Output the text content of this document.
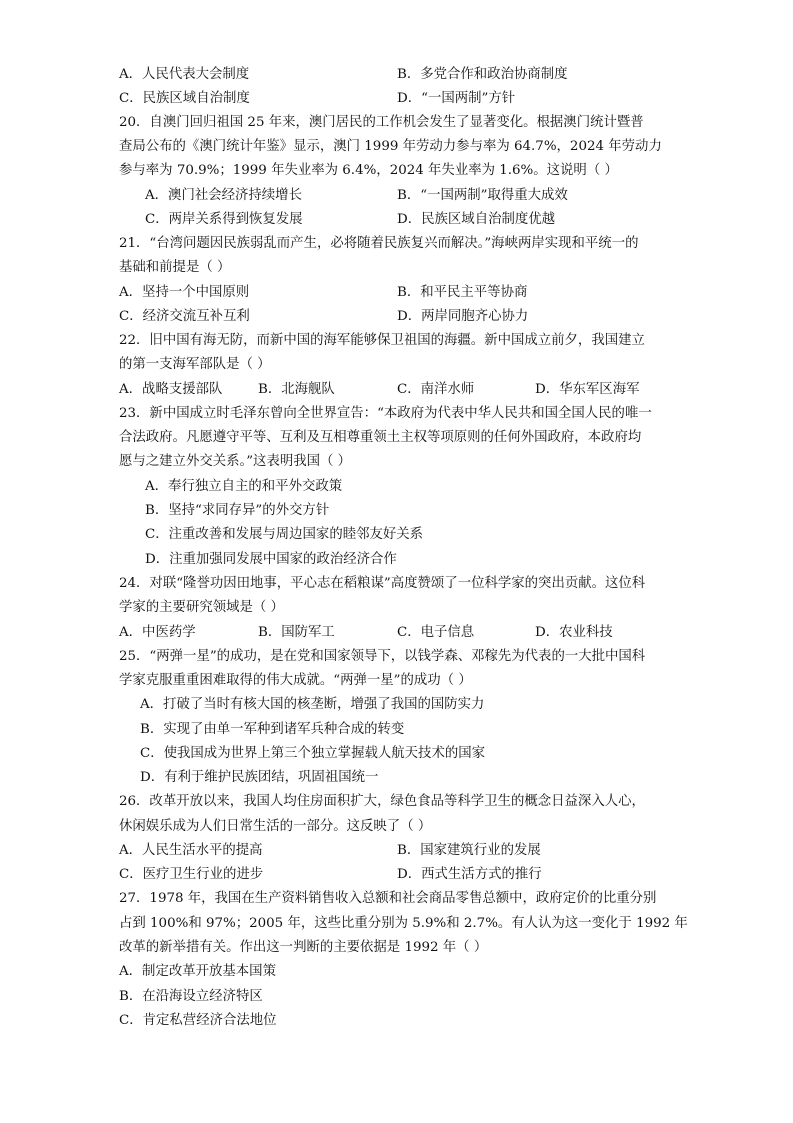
A．人民代表大会制度	B．多党合作和政治协商制度
C．民族区域自治制度	D．“一国两制”方针
20．自澳门回归祖国 25 年来，澳门居民的工作机会发生了显著变化。根据澳门统计暨普
查局公布的《澳门统计年鉴》显示，澳门 1999 年劳动力参与率为 64.7%，2024 年劳动力
参与率为 70.9%；1999 年失业率为 6.4%，2024 年失业率为 1.6%。这说明（ ）
A．澳门社会经济持续增长	B．“一国两制”取得重大成效
C．两岸关系得到恢复发展	D．民族区域自治制度优越
21．“台湾问题因民族弱乱而产生，必将随着民族复兴而解决。”海峡两岸实现和平统一的
基础和前提是（ ）
A．坚持一个中国原则	B．和平民主平等协商
C．经济交流互补互利	D．两岸同胞齐心协力
22．旧中国有海无防，而新中国的海军能够保卫祖国的海疆。新中国成立前夕，我国建立
的第一支海军部队是（ ）
A．战略支援部队	B．北海舰队	C．南洋水师	D．华东军区海军
23．新中国成立时毛泽东曾向全世界宣告：“本政府为代表中华人民共和国全国人民的唯一
合法政府。凡愿遵守平等、互利及互相尊重领土主权等项原则的任何外国政府，本政府均
愿与之建立外交关系。”这表明我国（ ）
A．奉行独立自主的和平外交政策
B．坚持“求同存异”的外交方针
C．注重改善和发展与周边国家的睦邻友好关系
D．注重加强同发展中国家的政治经济合作
24．对联“隆誉功因田地事，平心志在稻粮谋”高度赞颂了一位科学家的突出贡献。这位科
学家的主要研究领域是（ ）
A．中医药学	B．国防军工	C．电子信息	D．农业科技
25．“两弹一星”的成功，是在党和国家领导下，以钱学森、邓稼先为代表的一大批中国科
学家克服重重困难取得的伟大成就。“两弹一星”的成功（ ）
A．打破了当时有核大国的核垄断，增强了我国的国防实力
B．实现了由单一军种到诸军兵种合成的转变
C．使我国成为世界上第三个独立掌握载人航天技术的国家
D．有利于维护民族团结，巩固祖国统一
26．改革开放以来，我国人均住房面积扩大，绿色食品等科学卫生的概念日益深入人心，
休闲娱乐成为人们日常生活的一部分。这反映了（ ）
A．人民生活水平的提高	B．国家建筑行业的发展
C．医疗卫生行业的进步	D．西式生活方式的推行
27．1978 年，我国在生产资料销售收入总额和社会商品零售总额中，政府定价的比重分别
占到 100%和 97%；2005 年，这些比重分别为 5.9%和 2.7%。有人认为这一变化于 1992 年
改革的新举措有关。作出这一判断的主要依据是 1992 年（ ）
A．制定改革开放基本国策
B．在沿海设立经济特区
C．肯定私营经济合法地位
